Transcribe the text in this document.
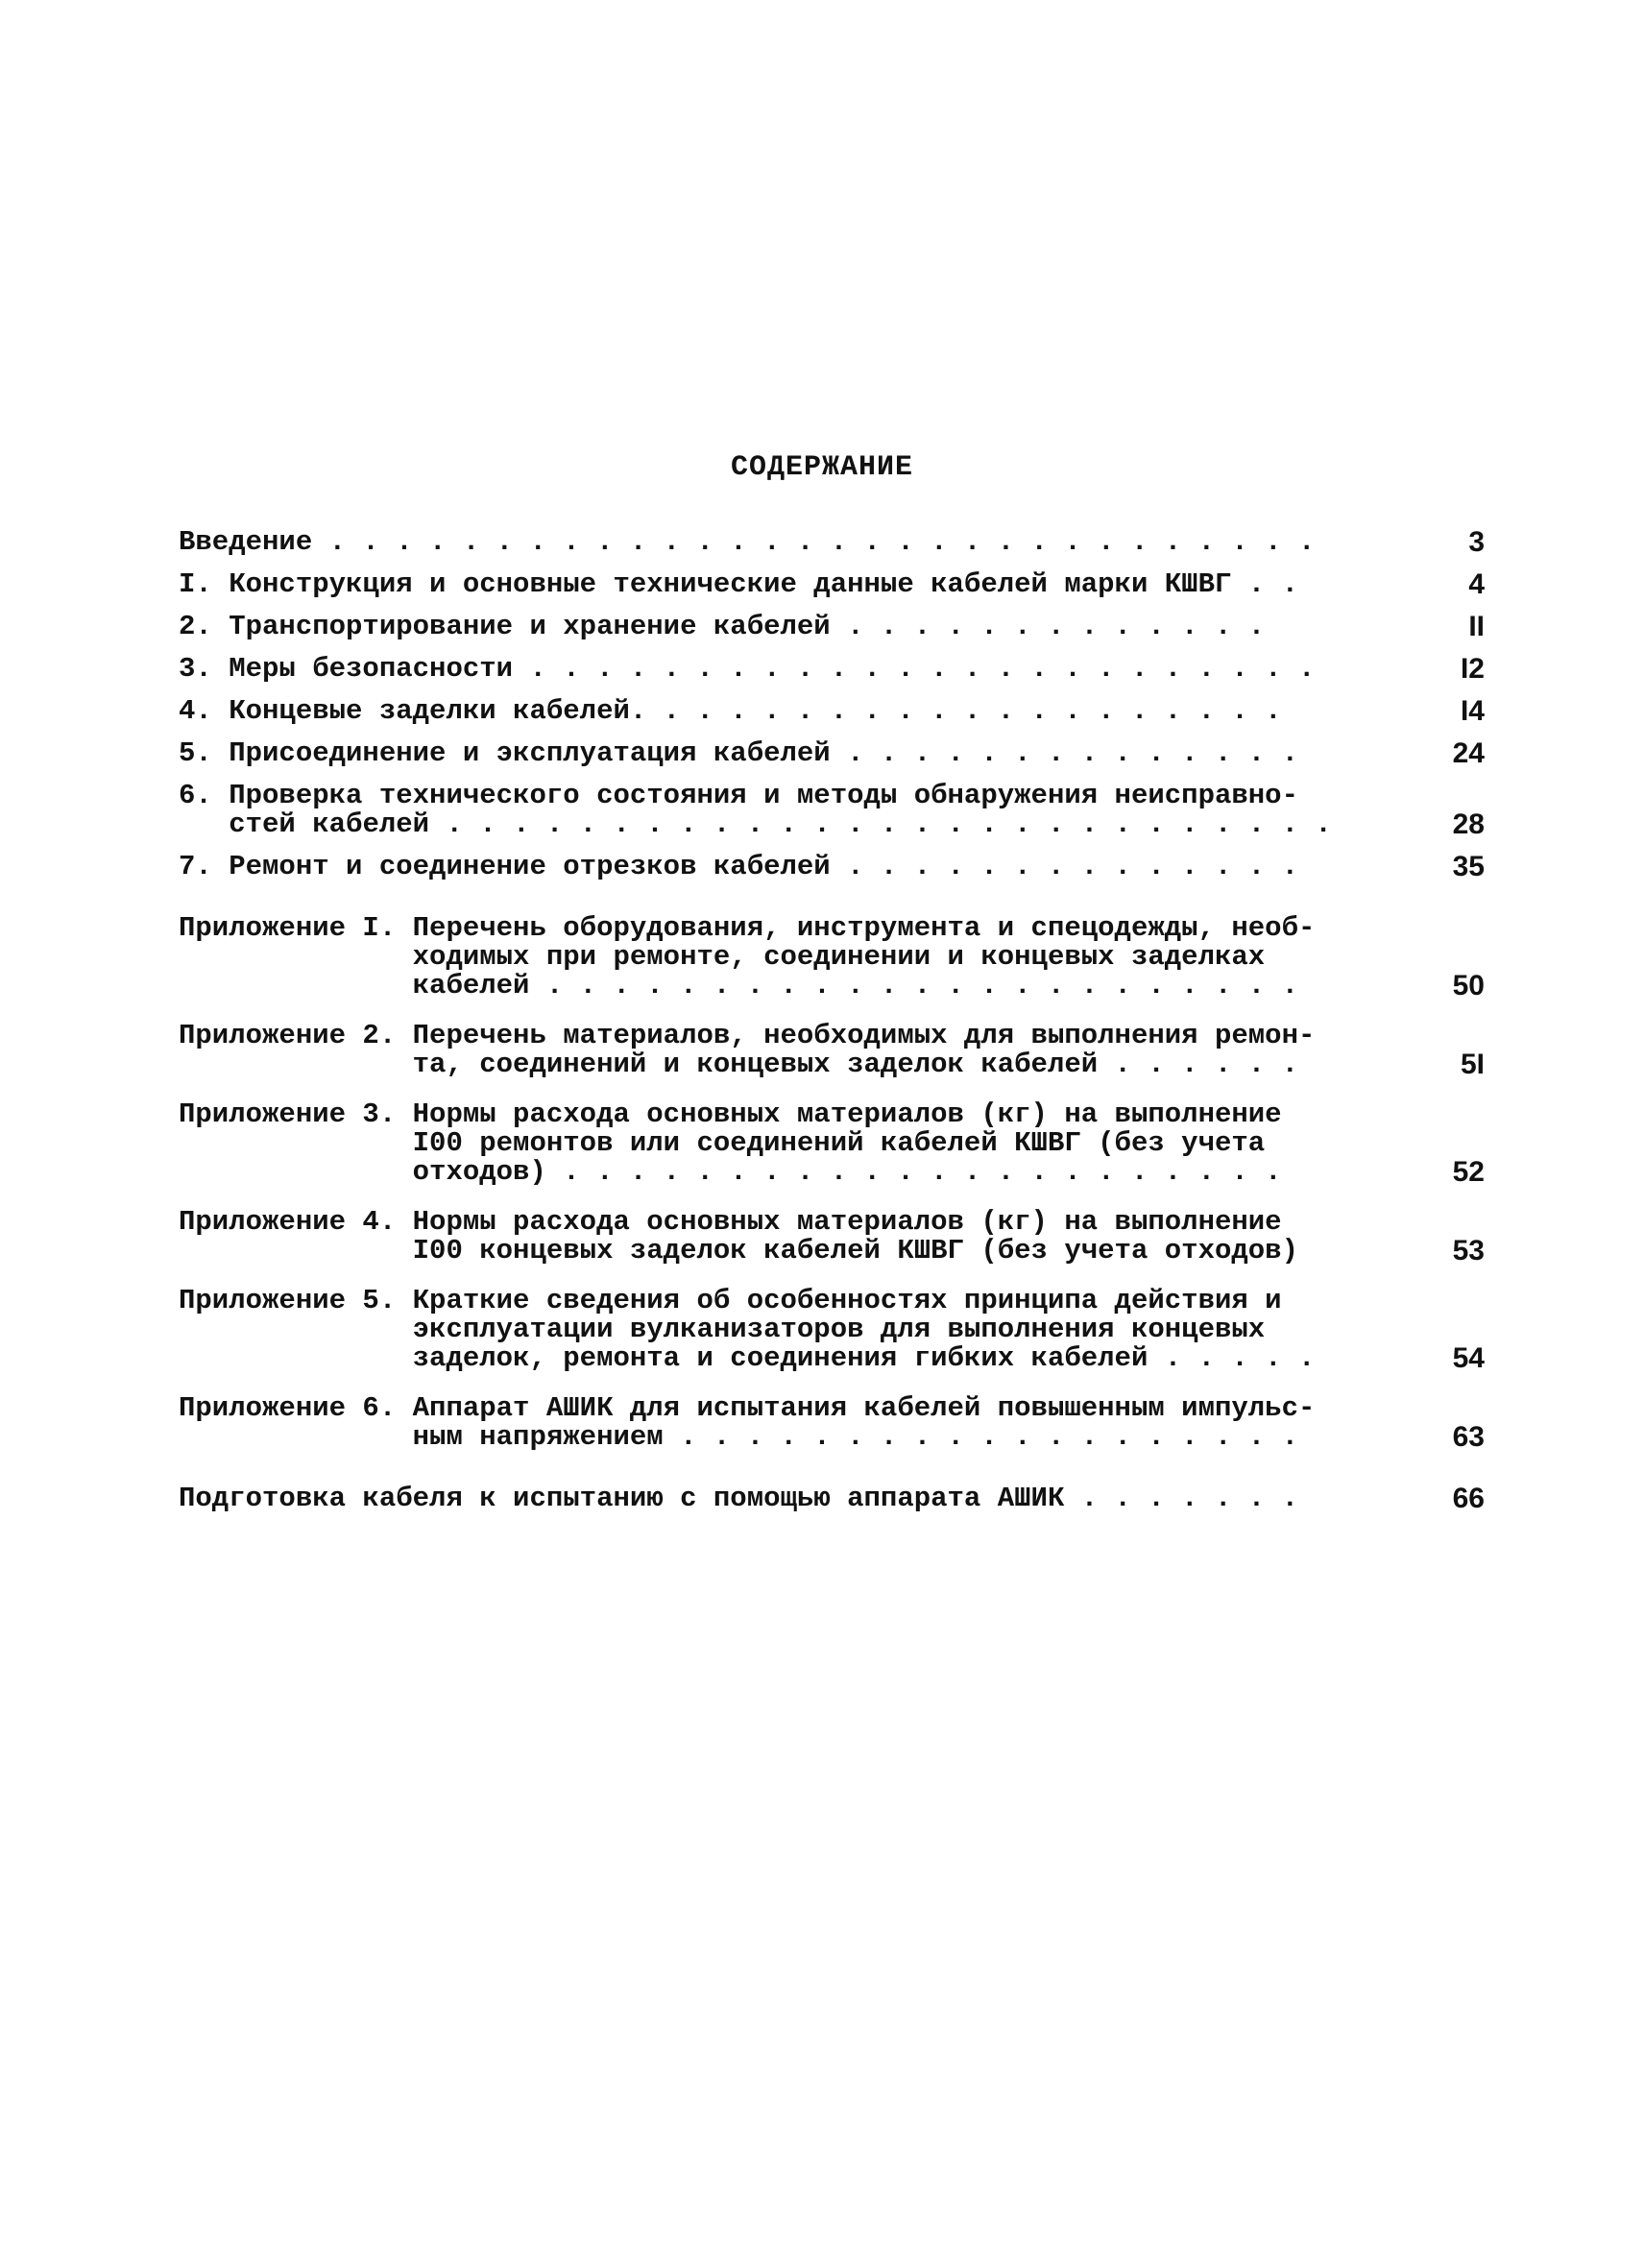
СОДЕРЖАНИЕ
Введение . . . . . . . . . . . . . . . . . . . . . . . . . . . . . .	3
I. Конструкция и основные технические данные кабелей марки КШВГ . .	4
2. Транспортирование и хранение кабелей . . . . . . . . . . . . .	II
3. Меры безопасности . . . . . . . . . . . . . . . . . . . . . . . .	I2
4. Концевые заделки кабелей. . . . . . . . . . . . . . . . . . . .	I4
5. Присоединение и эксплуатация кабелей . . . . . . . . . . . . . .	24
6. Проверка технического состояния и методы обнаружения неисправно-
стей кабелей . . . . . . . . . . . . . . . . . . . . . . . . . . .	28
7. Ремонт и соединение отрезков кабелей . . . . . . . . . . . . . .	35
Приложение I. Перечень оборудования, инструмента и спецодежды, необ-
ходимых при ремонте, соединении и концевых заделках
кабелей . . . . . . . . . . . . . . . . . . . . . . .	50
Приложение 2. Перечень материалов, необходимых для выполнения ремон-
та, соединений и концевых заделок кабелей . . . . . .	5I
Приложение 3. Нормы расхода основных материалов (кг) на выполнение
I00 ремонтов или соединений кабелей КШВГ (без учета
отходов) . . . . . . . . . . . . . . . . . . . . . .	52
Приложение 4. Нормы расхода основных материалов (кг) на выполнение
I00 концевых заделок кабелей КШВГ (без учета отходов)	53
Приложение 5. Краткие сведения об особенностях принципа действия и
эксплуатации вулканизаторов для выполнения концевых
заделок, ремонта и соединения гибких кабелей . . . . .	54
Приложение 6. Аппарат АШИК для испытания кабелей повышенным импульс-
ным напряжением . . . . . . . . . . . . . . . . . . .	63
Подготовка кабеля к испытанию с помощью аппарата АШИК . . . . . . .	66
